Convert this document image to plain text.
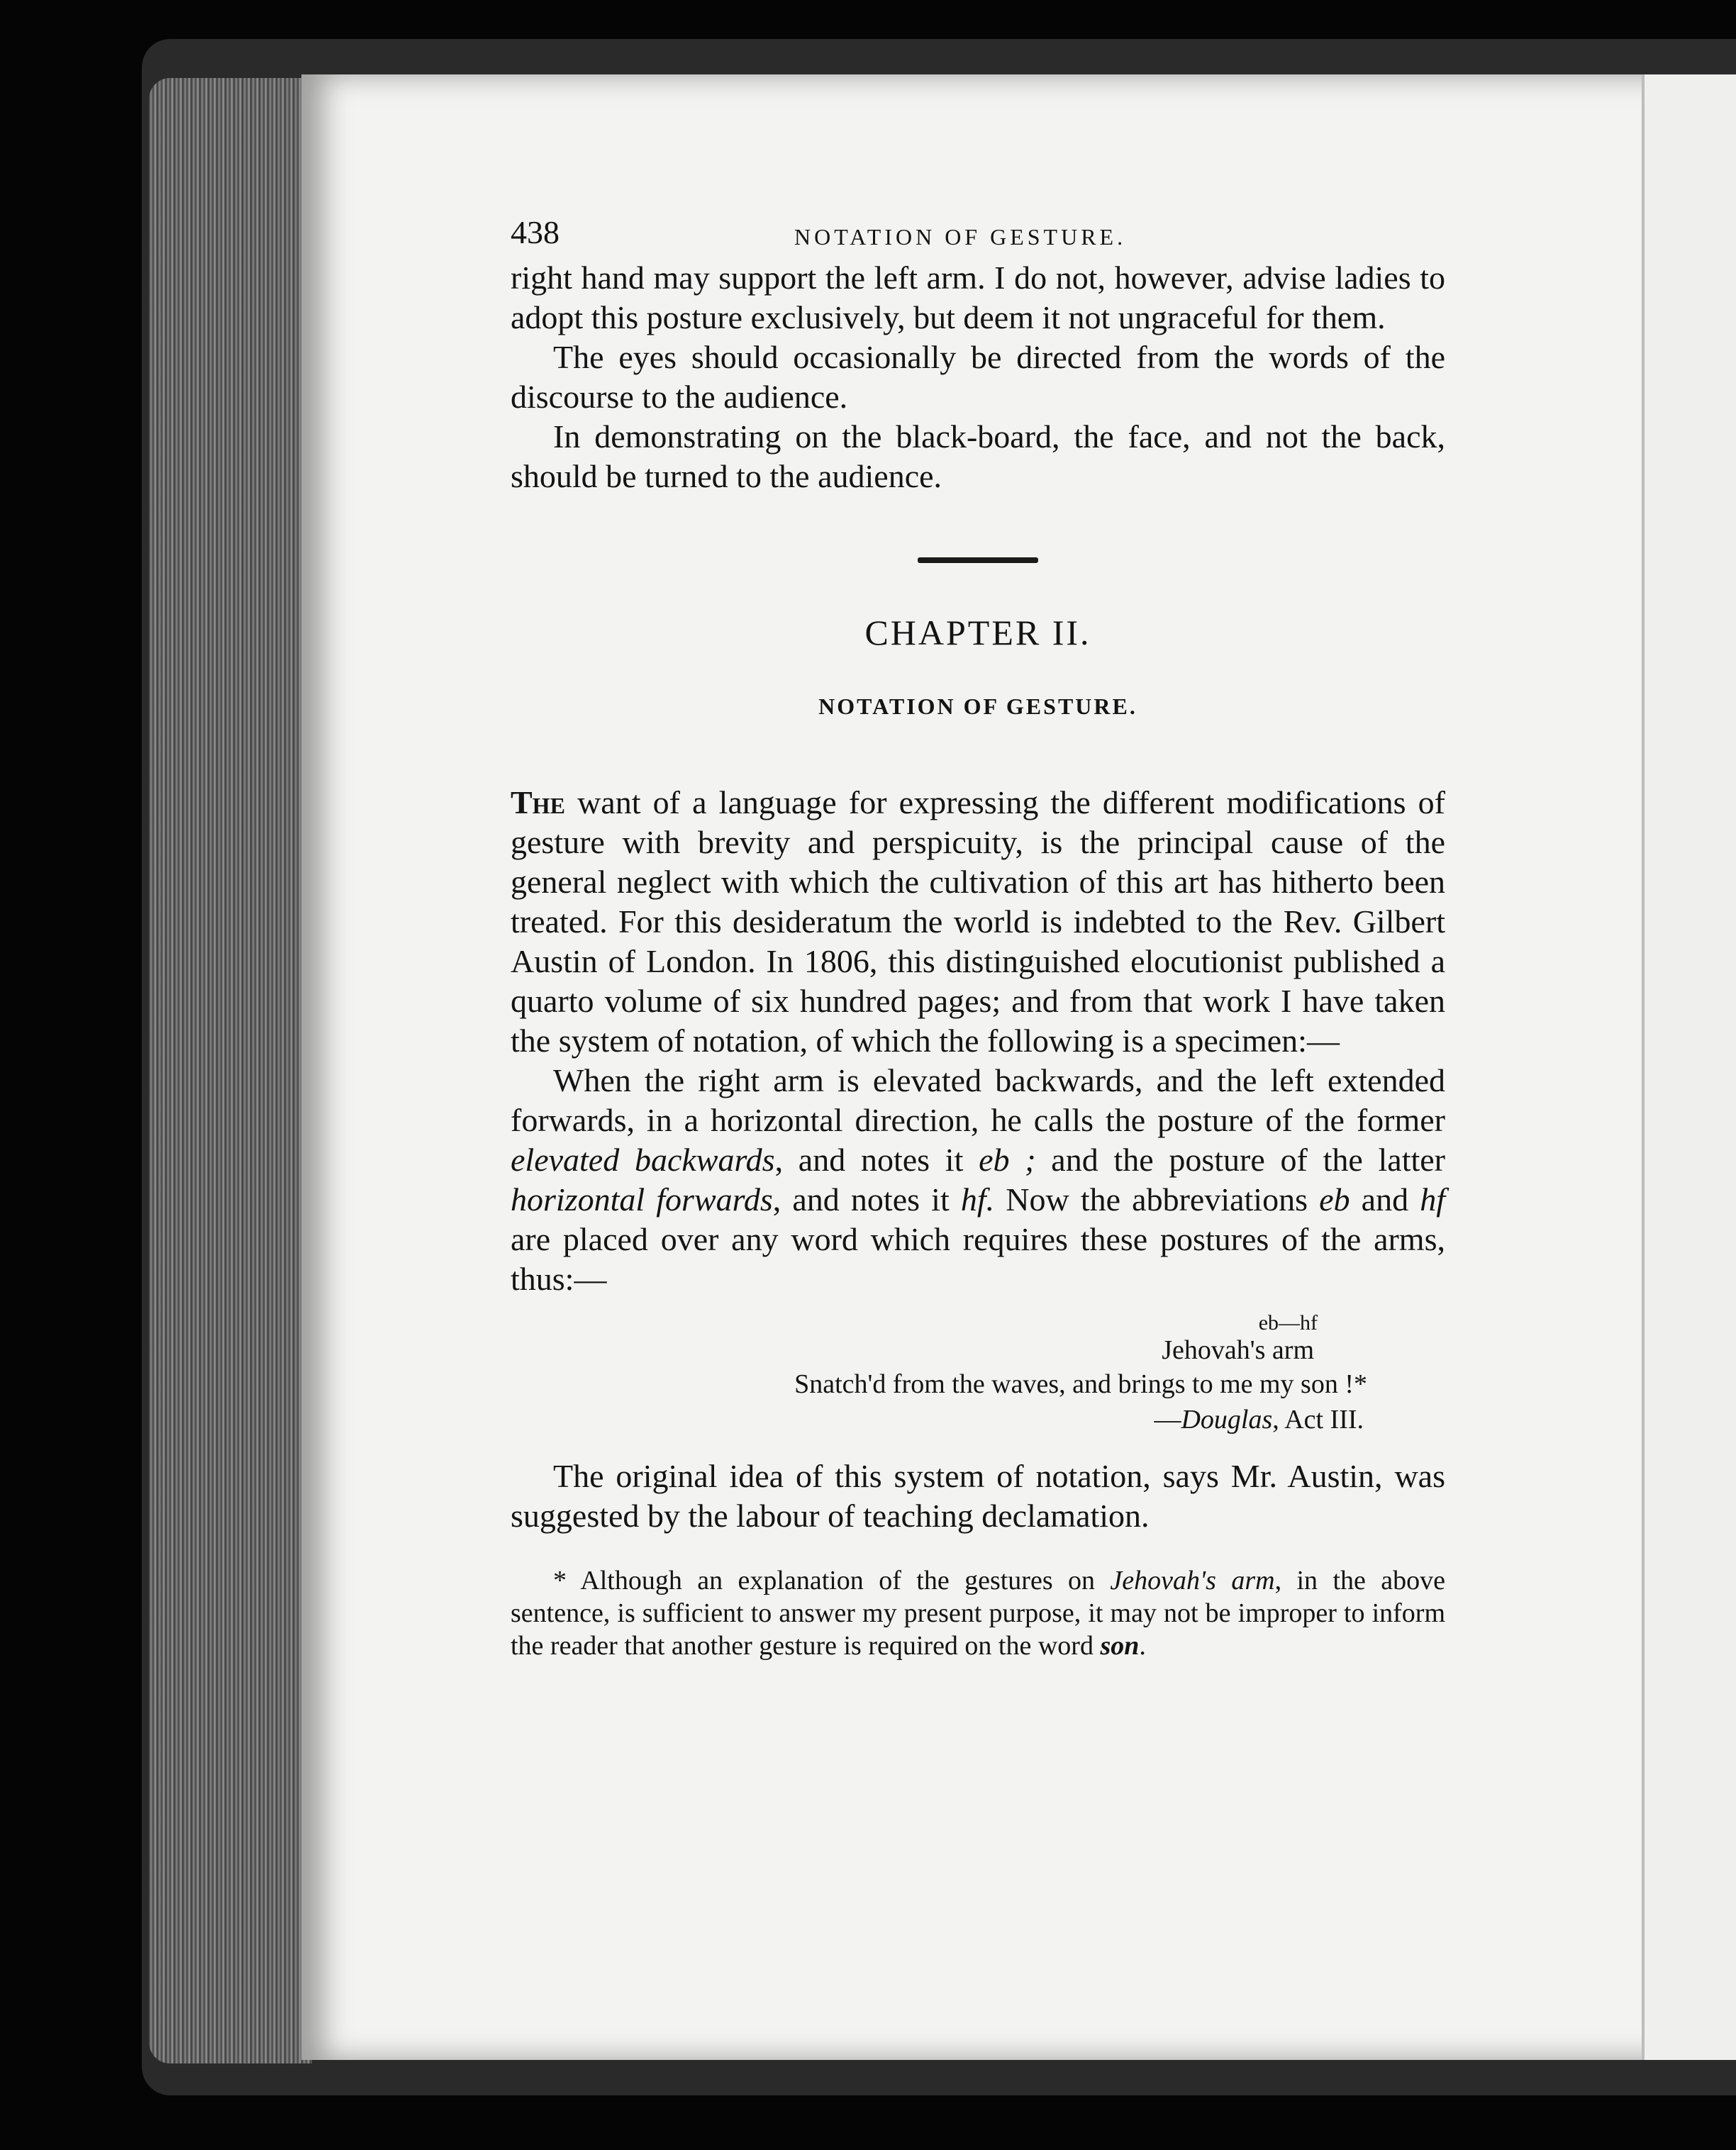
438	NOTATION OF GESTURE.

right hand may support the left arm. I do not, however, advise ladies to adopt this posture exclusively, but deem it not ungraceful for them.

The eyes should occasionally be directed from the words of the discourse to the audience.

In demonstrating on the black-board, the face, and not the back, should be turned to the audience.

CHAPTER II.
NOTATION OF GESTURE.

The want of a language for expressing the different modifications of gesture with brevity and perspicuity, is the principal cause of the general neglect with which the cultivation of this art has hitherto been treated. For this desideratum the world is indebted to the Rev. Gilbert Austin of London. In 1806, this distinguished elocutionist published a quarto volume of six hundred pages; and from that work I have taken the system of notation, of which the following is a specimen:—

When the right arm is elevated backwards, and the left extended forwards, in a horizontal direction, he calls the posture of the former elevated backwards, and notes it eb ; and the posture of the latter horizontal forwards, and notes it hf. Now the abbreviations eb and hf are placed over any word which requires these postures of the arms, thus:—

eb—hf
Jehovah's arm
Snatch'd from the waves, and brings to me my son !*
—Douglas, Act III.

The original idea of this system of notation, says Mr. Austin, was suggested by the labour of teaching declamation.

* Although an explanation of the gestures on Jehovah's arm, in the above sentence, is sufficient to answer my present purpose, it may not be improper to inform the reader that another gesture is required on the word son.
